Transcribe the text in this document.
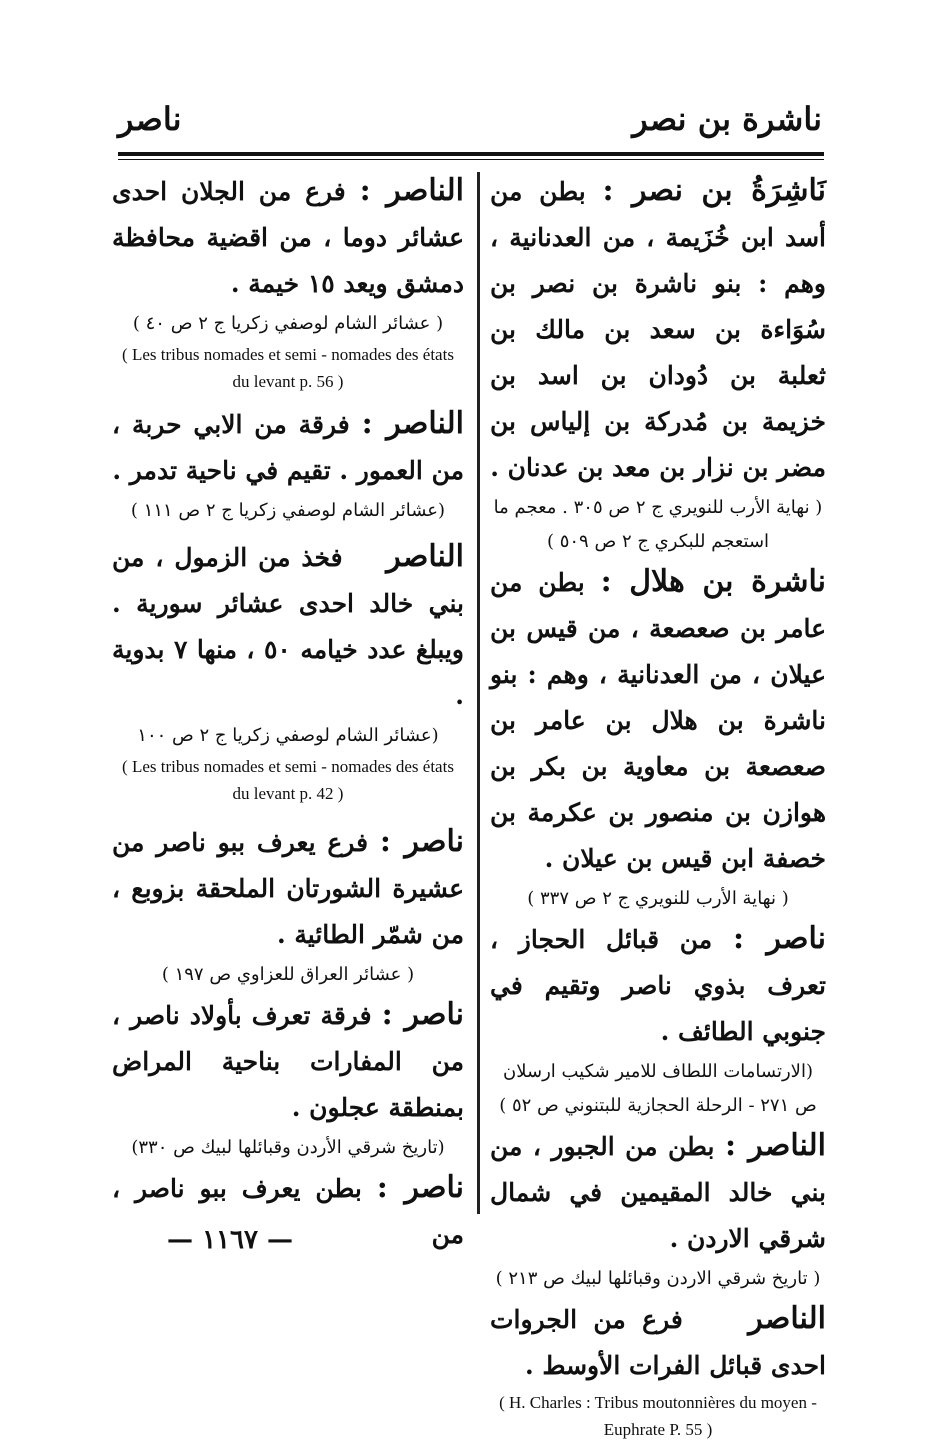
ناصر	ناشرة بن نصر

نَاشِرَةُ بن نصر : بطن من أسد ابن خُزَيمة ، من العدنانية ، وهم : بنو ناشرة بن نصر بن سُوَاءة بن سعد بن مالك بن ثعلبة بن دُودان بن اسد بن خزيمة بن مُدركة بن إلياس بن مضر بن نزار بن معد بن عدنان .

( نهاية الأرب للنويري ج ٢ ص ٣٠٥ . معجم ما استعجم للبكري ج ٢ ص ٥٠٩ )

ناشرة بن هلال : بطن من عامر بن صعصعة ، من قيس بن عيلان ، من العدنانية ، وهم : بنو ناشرة بن هلال بن عامر بن صعصعة بن معاوية بن بكر بن هوازن بن منصور بن عكرمة بن خصفة ابن قيس بن عيلان .

( نهاية الأرب للنويري ج ٢ ص ٣٣٧ )

ناصر : من قبائل الحجاز ، تعرف بذوي ناصر وتقيم في جنوبي الطائف .

(الارتسامات اللطاف للامير شكيب ارسلان ص ٢٧١ - الرحلة الحجازية للبتنوني ص ٥٢ )

الناصر : بطن من الجبور ، من بني خالد المقيمين في شمال شرقي الاردن .

( تاريخ شرقي الاردن وقبائلها لبيك ص ٢١٣ )

الناصر    فرع من الجروات احدى قبائل الفرات الأوسط .

( H. Charles : Tribus moutonnières du moyen - Euphrate P. 55 )

الناصر : فرع من الجلان احدى عشائر دوما ، من اقضية محافظة دمشق ويعد ١٥ خيمة .

( عشائر الشام لوصفي زكريا ج ٢ ص ٤٠ )

( Les tribus nomades et semi - nomades des états du levant p. 56 )

الناصر : فرقة من الابي حربة ، من العمور . تقيم في ناحية تدمر .

(عشائر الشام لوصفي زكريا ج ٢ ص ١١١ )

الناصر    فخذ من الزمول ، من بني خالد احدى عشائر سورية . ويبلغ عدد خيامه ٥٠ ، منها ٧ بدوية .

(عشائر الشام لوصفي زكريا ج ٢ ص ١٠٠

( Les tribus nomades et semi - nomades des états du levant p. 42 )

ناصر : فرع يعرف ببو ناصر من عشيرة الشورتان الملحقة بزوبع ، من شمّر الطائية .

( عشائر العراق للعزاوي ص ١٩٧ )

ناصر : فرقة تعرف بأولاد ناصر ، من المفارات بناحية المراض بمنطقة عجلون .

(تاريخ شرقي الأردن وقبائلها لبيك ص ٣٣٠)

ناصر : بطن يعرف ببو ناصر ، من

— ١١٦٧ —
